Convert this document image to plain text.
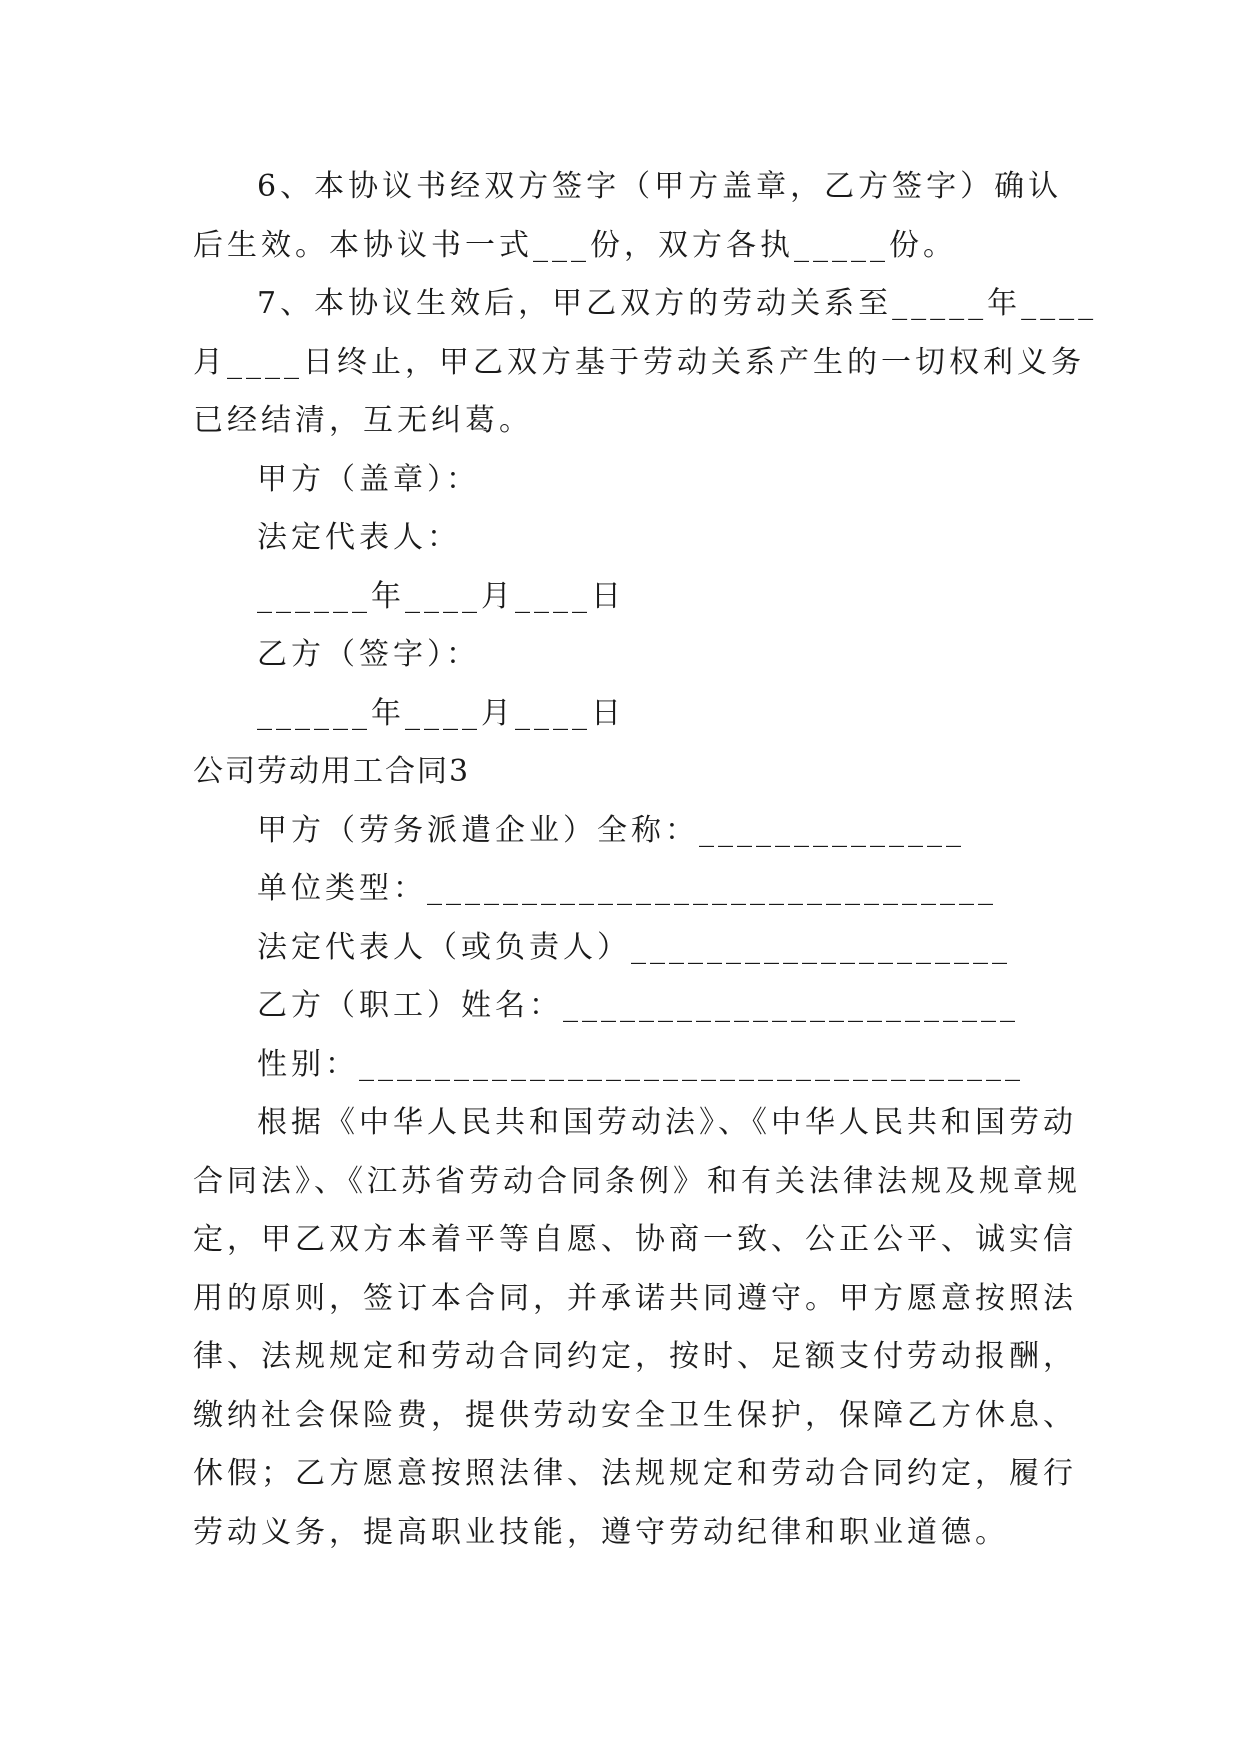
6、本协议书经双方签字（甲方盖章，乙方签字）确认
后生效。本协议书一式___份，双方各执_____份。
7、本协议生效后，甲乙双方的劳动关系至_____年____
月____日终止，甲乙双方基于劳动关系产生的一切权利义务
已经结清，互无纠葛。
甲方（盖章）：
法定代表人：
______年____月____日
乙方（签字）：
______年____月____日
公司劳动用工合同3
甲方（劳务派遣企业）全称：______________
单位类型：______________________________
法定代表人（或负责人）____________________
乙方（职工）姓名：________________________
性别：___________________________________
根据《中华人民共和国劳动法》、《中华人民共和国劳动
合同法》、《江苏省劳动合同条例》和有关法律法规及规章规
定，甲乙双方本着平等自愿、协商一致、公正公平、诚实信
用的原则，签订本合同，并承诺共同遵守。甲方愿意按照法
律、法规规定和劳动合同约定，按时、足额支付劳动报酬，
缴纳社会保险费，提供劳动安全卫生保护，保障乙方休息、
休假；乙方愿意按照法律、法规规定和劳动合同约定，履行
劳动义务，提高职业技能，遵守劳动纪律和职业道德。
